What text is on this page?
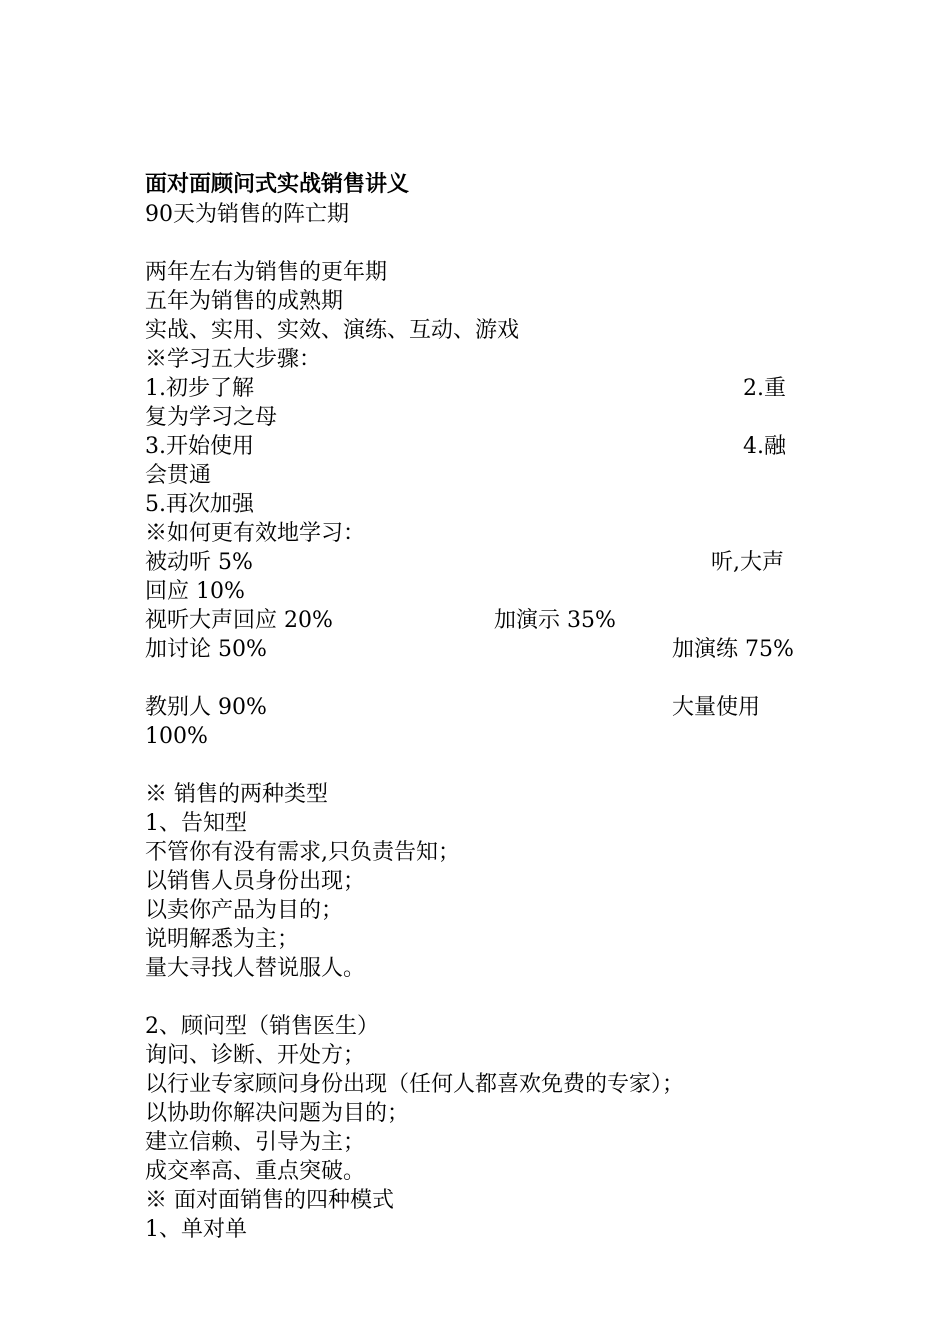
面对面顾问式实战销售讲义
90天为销售的阵亡期
两年左右为销售的更年期
五年为销售的成熟期
实战、实用、实效、演练、互动、游戏
※学习五大步骤：
1.初步了解	2.重
复为学习之母
3.开始使用	4.融
会贯通
5.再次加强
※如何更有效地学习：
被动听 5%	听,大声
回应 10%
视听大声回应 20%	加演示 35%
加讨论 50%	加演练 75%
教别人 90%	大量使用
100%
※ 销售的两种类型
1、告知型
不管你有没有需求,只负责告知；
以销售人员身份出现；
以卖你产品为目的；
说明解悉为主；
量大寻找人替说服人。
2、顾问型（销售医生）
询问、诊断、开处方；
以行业专家顾问身份出现（任何人都喜欢免费的专家）；
以协助你解决问题为目的；
建立信赖、引导为主；
成交率高、重点突破。
※ 面对面销售的四种模式
1、单对单
